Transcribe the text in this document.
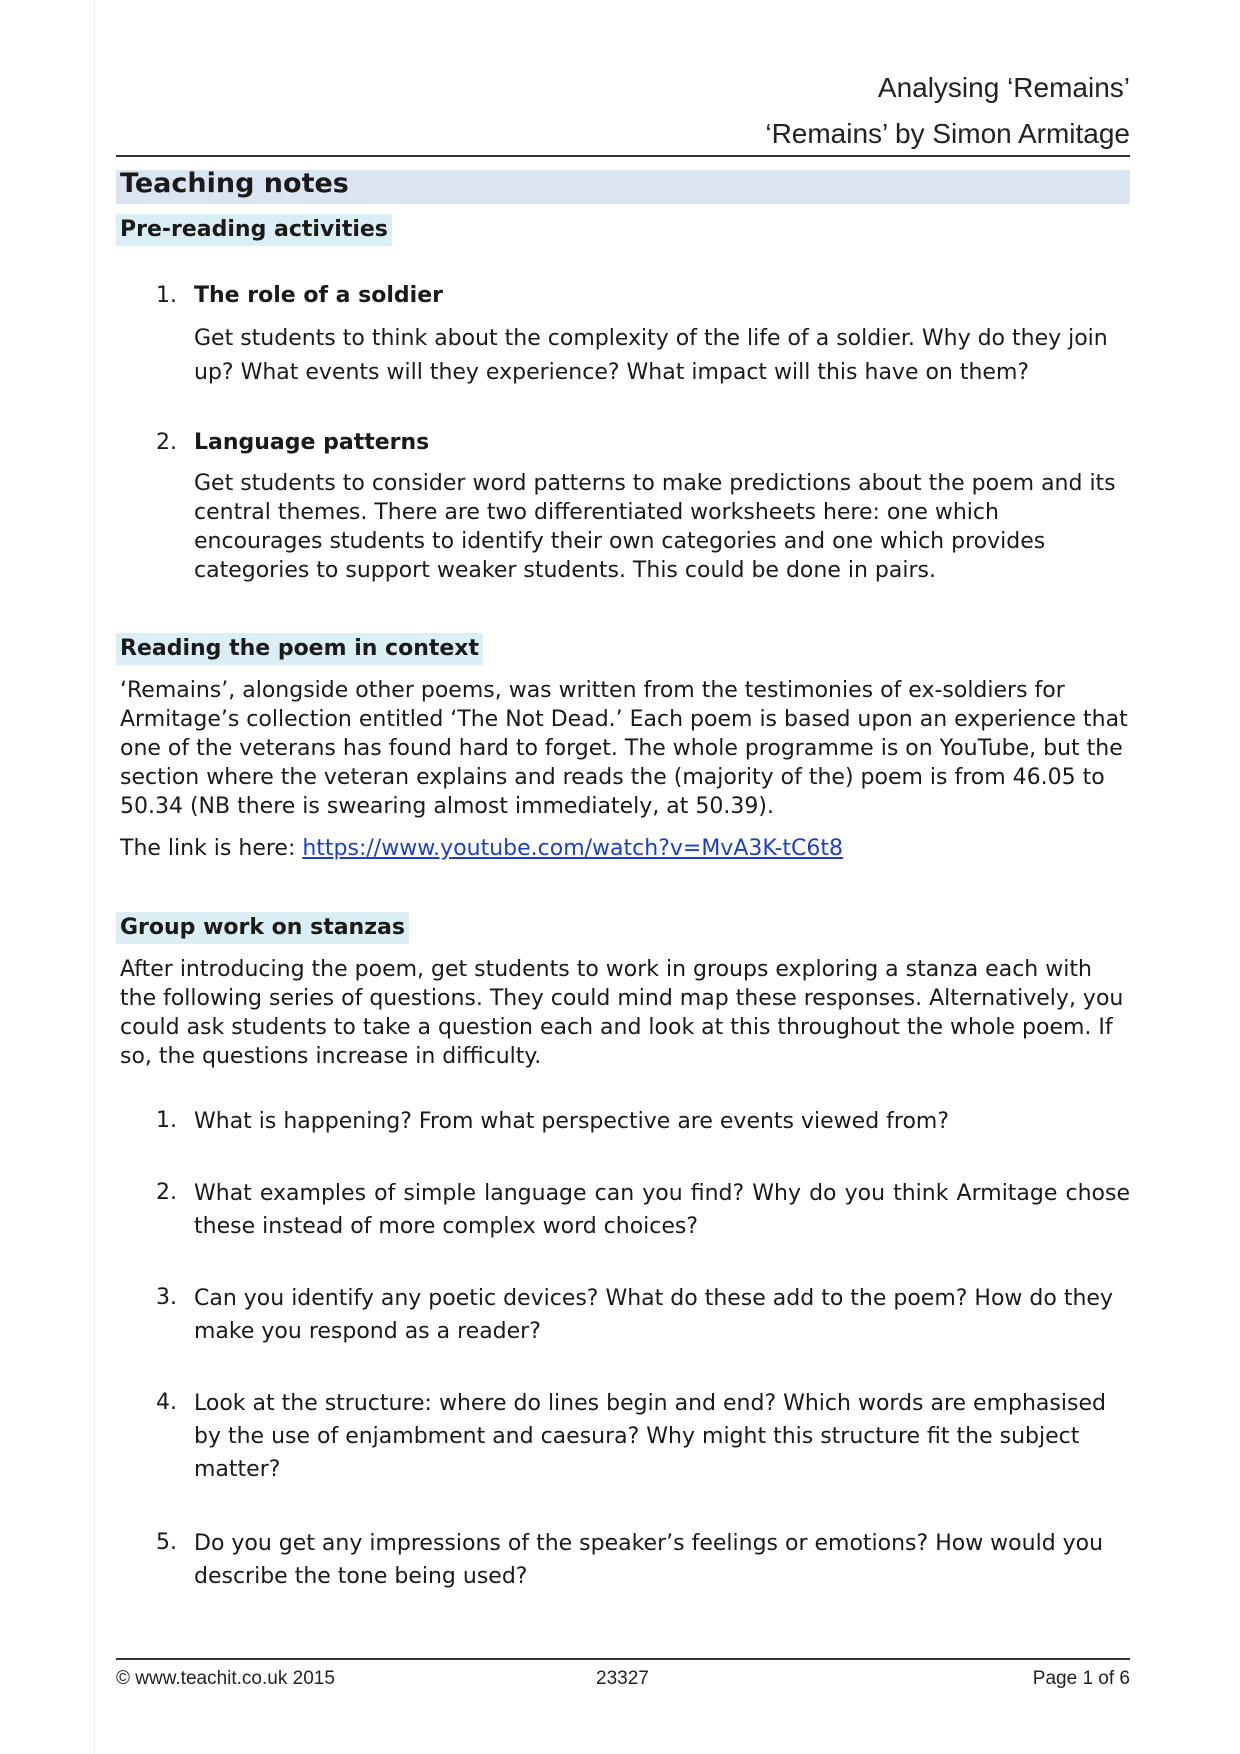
Analysing ‘Remains’
‘Remains’ by Simon Armitage
Teaching notes
Pre-reading activities
1. The role of a soldier

Get students to think about the complexity of the life of a soldier. Why do they join up? What events will they experience? What impact will this have on them?

2. Language patterns

Get students to consider word patterns to make predictions about the poem and its central themes. There are two differentiated worksheets here: one which encourages students to identify their own categories and one which provides categories to support weaker students. This could be done in pairs.

Reading the poem in context

‘Remains’, alongside other poems, was written from the testimonies of ex-soldiers for Armitage’s collection entitled ‘The Not Dead.’ Each poem is based upon an experience that one of the veterans has found hard to forget. The whole programme is on YouTube, but the section where the veteran explains and reads the (majority of the) poem is from 46.05 to 50.34 (NB there is swearing almost immediately, at 50.39).

The link is here: https://www.youtube.com/watch?v=MvA3K-tC6t8

Group work on stanzas

After introducing the poem, get students to work in groups exploring a stanza each with the following series of questions. They could mind map these responses. Alternatively, you could ask students to take a question each and look at this throughout the whole poem. If so, the questions increase in difficulty.

1. What is happening? From what perspective are events viewed from?

2. What examples of simple language can you find? Why do you think Armitage chose these instead of more complex word choices?

3. Can you identify any poetic devices? What do these add to the poem? How do they make you respond as a reader?

4. Look at the structure: where do lines begin and end? Which words are emphasised by the use of enjambment and caesura? Why might this structure fit the subject matter?

5. Do you get any impressions of the speaker’s feelings or emotions? How would you describe the tone being used?

© www.teachit.co.uk 2015	23327	Page 1 of 6
